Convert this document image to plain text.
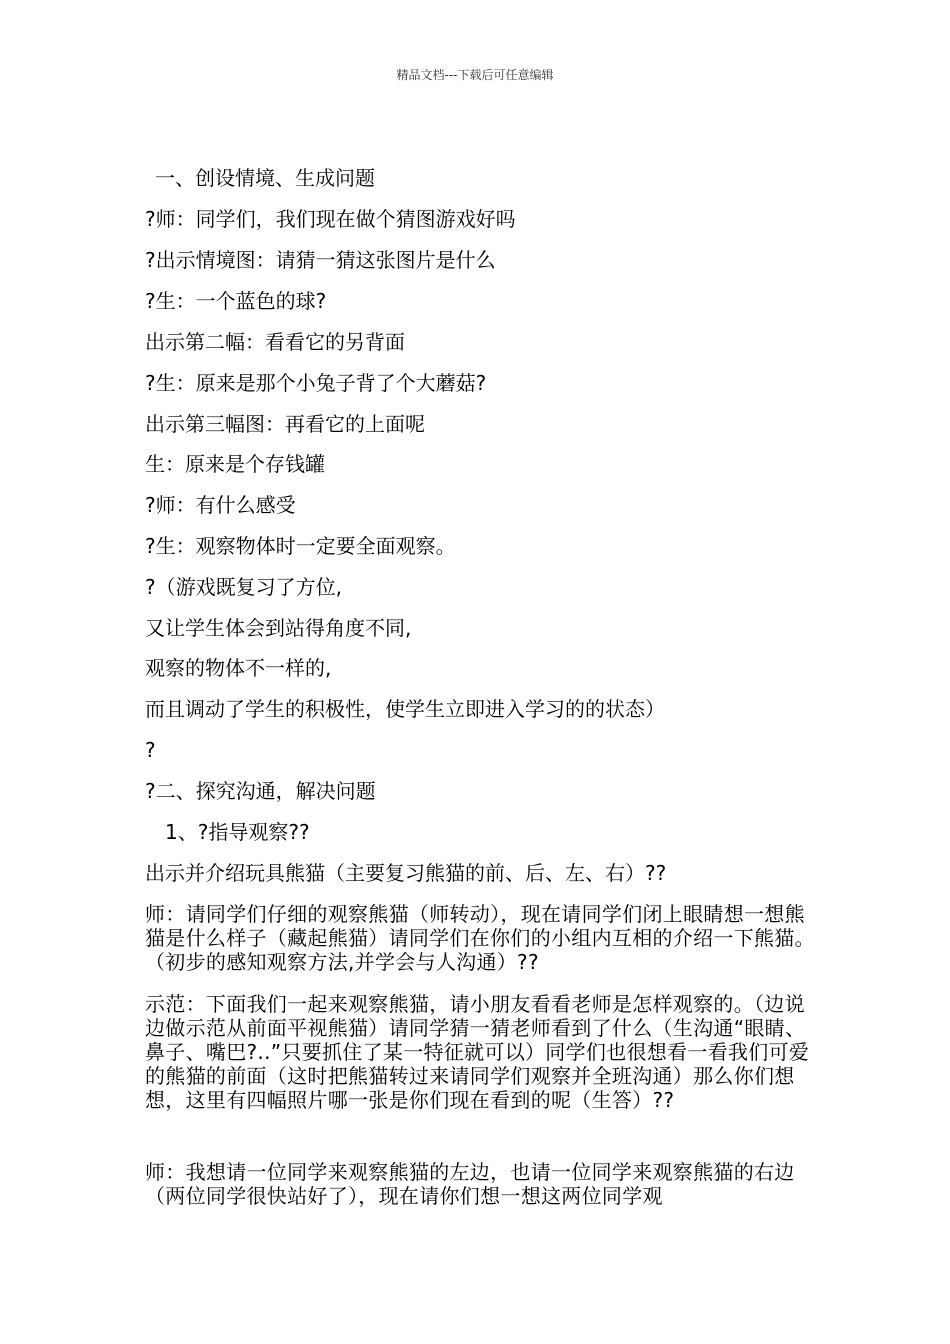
精品文档---下载后可任意编辑
一、创设情境、生成问题
?师：同学们，我们现在做个猜图游戏好吗
?出示情境图：请猜一猜这张图片是什么
?生：一个蓝色的球?
出示第二幅：看看它的另背面
?生：原来是那个小兔子背了个大蘑菇?
出示第三幅图：再看它的上面呢
生：原来是个存钱罐
?师：有什么感受
?生：观察物体时一定要全面观察。
?（游戏既复习了方位,
又让学生体会到站得角度不同,
观察的物体不一样的,
而且调动了学生的积极性，使学生立即进入学习的的状态）
?
?二、探究沟通，解决问题
1、?指导观察??
出示并介绍玩具熊猫（主要复习熊猫的前、后、左、右）??
师：请同学们仔细的观察熊猫（师转动），现在请同学们闭上眼睛想一想熊猫是什么样子（藏起熊猫）请同学们在你们的小组内互相的介绍一下熊猫。（初步的感知观察方法,并学会与人沟通）??
示范：下面我们一起来观察熊猫，请小朋友看看老师是怎样观察的。（边说边做示范从前面平视熊猫）请同学猜一猜老师看到了什么（生沟通“眼睛、鼻子、嘴巴?..”只要抓住了某一特征就可以）同学们也很想看一看我们可爱的熊猫的前面（这时把熊猫转过来请同学们观察并全班沟通）那么你们想想，这里有四幅照片哪一张是你们现在看到的呢（生答）??
师：我想请一位同学来观察熊猫的左边，也请一位同学来观察熊猫的右边（两位同学很快站好了），现在请你们想一想这两位同学观
